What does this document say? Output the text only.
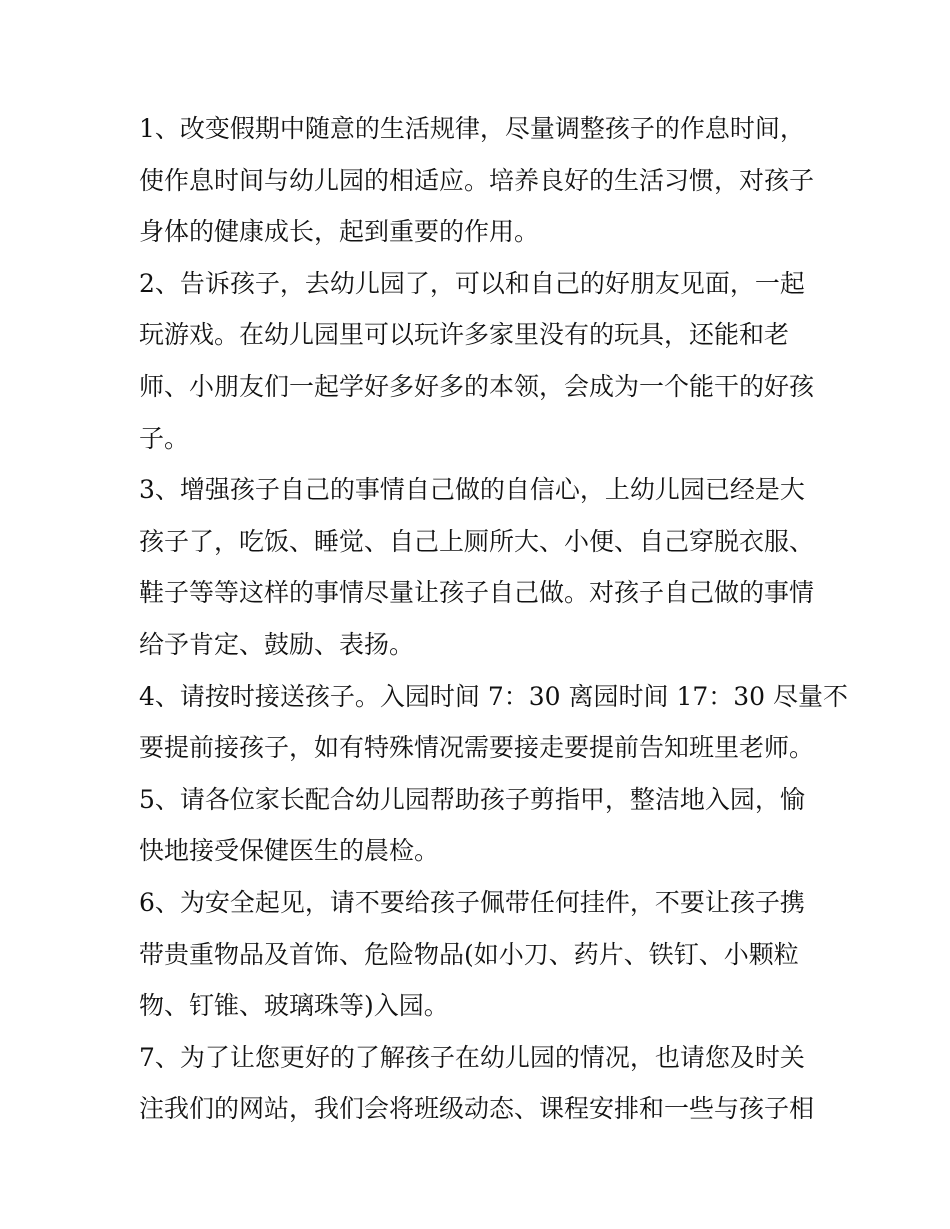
1、改变假期中随意的生活规律，尽量调整孩子的作息时间，
使作息时间与幼儿园的相适应。培养良好的生活习惯，对孩子
身体的健康成长，起到重要的作用。
2、告诉孩子，去幼儿园了，可以和自己的好朋友见面，一起
玩游戏。在幼儿园里可以玩许多家里没有的玩具，还能和老
师、小朋友们一起学好多好多的本领，会成为一个能干的好孩
子。
3、增强孩子自己的事情自己做的自信心，上幼儿园已经是大
孩子了，吃饭、睡觉、自己上厕所大、小便、自己穿脱衣服、
鞋子等等这样的事情尽量让孩子自己做。对孩子自己做的事情
给予肯定、鼓励、表扬。
4、请按时接送孩子。入园时间 7：30 离园时间 17：30 尽量不
要提前接孩子，如有特殊情况需要接走要提前告知班里老师。
5、请各位家长配合幼儿园帮助孩子剪指甲，整洁地入园，愉
快地接受保健医生的晨检。
6、为安全起见，请不要给孩子佩带任何挂件，不要让孩子携
带贵重物品及首饰、危险物品(如小刀、药片、铁钉、小颗粒
物、钉锥、玻璃珠等)入园。
7、为了让您更好的了解孩子在幼儿园的情况，也请您及时关
注我们的网站，我们会将班级动态、课程安排和一些与孩子相
